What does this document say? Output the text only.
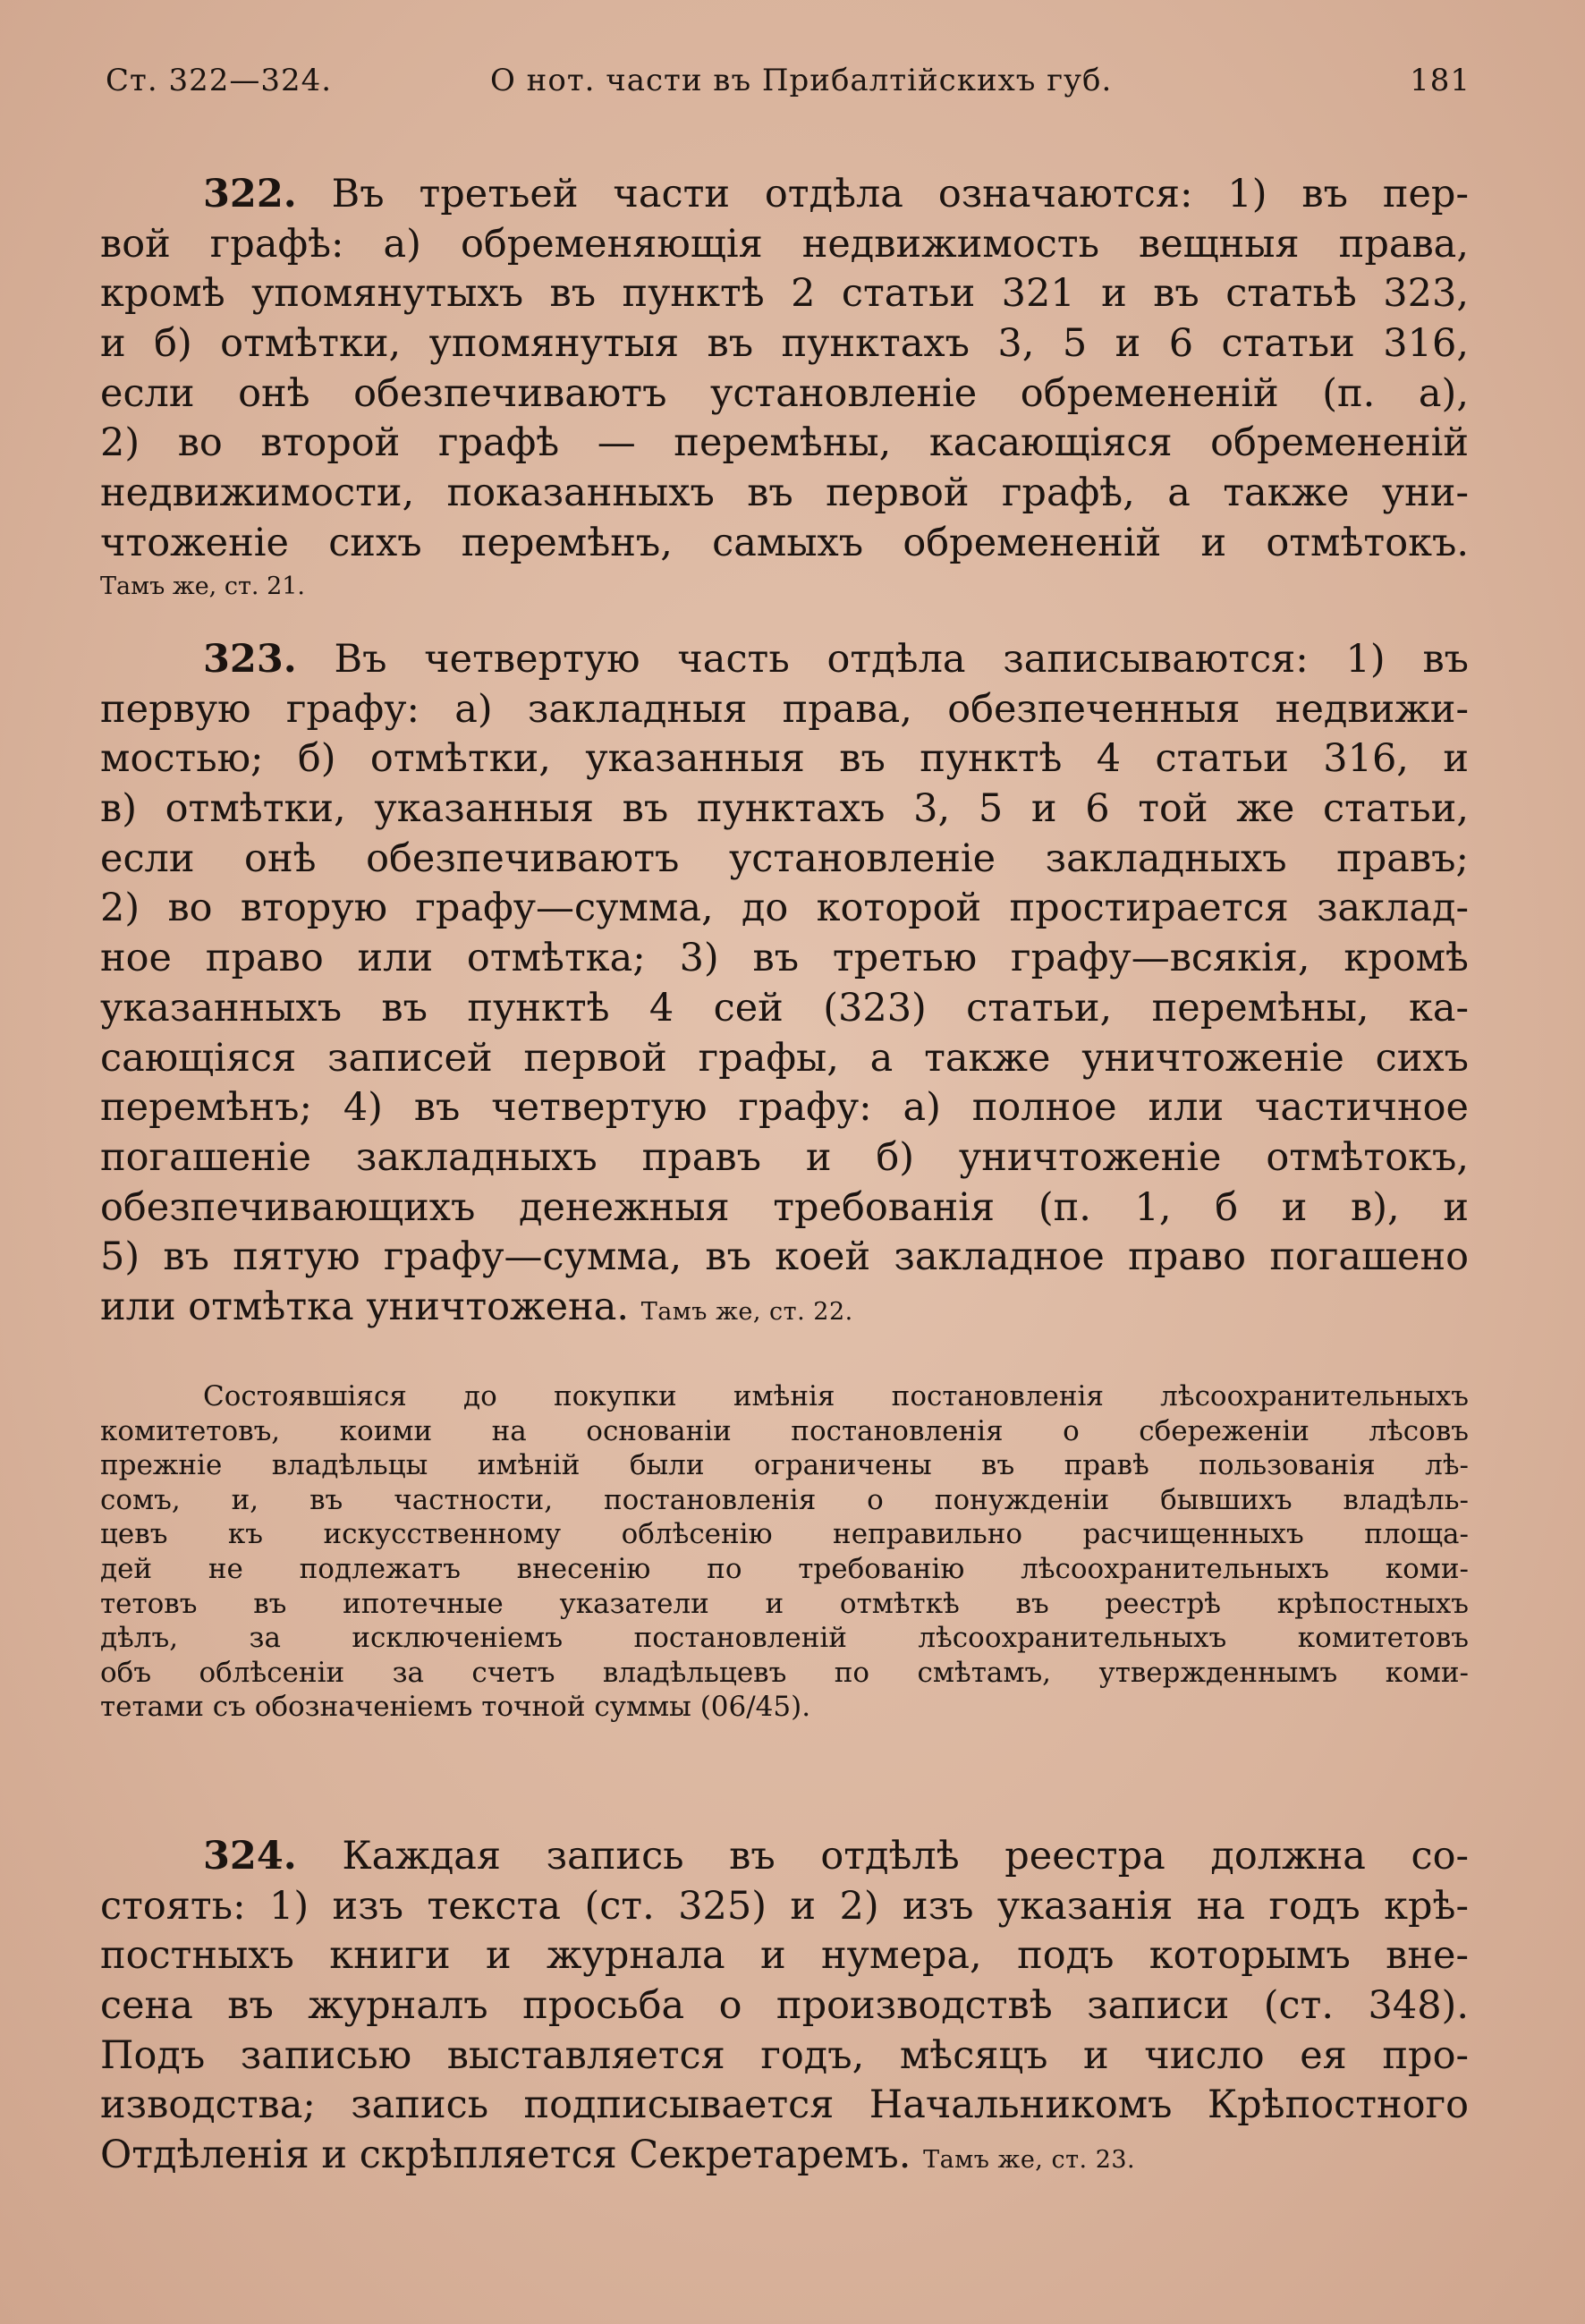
Ст. 322—324.	О нот. части въ Прибалтійскихъ губ.	181
322. Въ третьей части отдѣла означаются: 1) въ пер-
вой графѣ: а) обременяющія недвижимость вещныя права,
кромѣ упомянутыхъ въ пунктѣ 2 статьи 321 и въ статьѣ 323,
и б) отмѣтки, упомянутыя въ пунктахъ 3, 5 и 6 статьи 316,
если онѣ обезпечиваютъ установленіе обремененій (п. а),
2) во второй графѣ — перемѣны, касающіяся обремененій
недвижимости, показанныхъ въ первой графѣ, а также уни-
чтоженіе сихъ перемѣнъ, самыхъ обремененій и отмѣтокъ.
Тамъ же, ст. 21.
323. Въ четвертую часть отдѣла записываются: 1) въ
первую графу: а) закладныя права, обезпеченныя недвижи-
мостью; б) отмѣтки, указанныя въ пунктѣ 4 статьи 316, и
в) отмѣтки, указанныя въ пунктахъ 3, 5 и 6 той же статьи,
если онѣ обезпечиваютъ установленіе закладныхъ правъ;
2) во вторую графу—сумма, до которой простирается заклад-
ное право или отмѣтка; 3) въ третью графу—всякія, кромѣ
указанныхъ въ пунктѣ 4 сей (323) статьи, перемѣны, ка-
сающіяся записей первой графы, а также уничтоженіе сихъ
перемѣнъ; 4) въ четвертую графу: а) полное или частичное
погашеніе закладныхъ правъ и б) уничтоженіе отмѣтокъ,
обезпечивающихъ денежныя требованія (п. 1, б и в), и
5) въ пятую графу—сумма, въ коей закладное право погашено
или отмѣтка уничтожена. Тамъ же, ст. 22.
Состоявшіяся до покупки имѣнія постановленія лѣсоохранительныхъ
комитетовъ, коими на основаніи постановленія о сбереженіи лѣсовъ
прежніе владѣльцы имѣній были ограничены въ правѣ пользованія лѣ-
сомъ, и, въ частности, постановленія о понужденіи бывшихъ владѣль-
цевъ къ искусственному облѣсенію неправильно расчищенныхъ площа-
дей не подлежатъ внесенію по требованію лѣсоохранительныхъ коми-
тетовъ въ ипотечные указатели и отмѣткѣ въ реестрѣ крѣпостныхъ
дѣлъ, за исключеніемъ постановленій лѣсоохранительныхъ комитетовъ
объ облѣсеніи за счетъ владѣльцевъ по смѣтамъ, утвержденнымъ коми-
тетами съ обозначеніемъ точной суммы (06/45).
324. Каждая запись въ отдѣлѣ реестра должна со-
стоять: 1) изъ текста (ст. 325) и 2) изъ указанія на годъ крѣ-
постныхъ книги и журнала и нумера, подъ которымъ вне-
сена въ журналъ просьба о производствѣ записи (ст. 348).
Подъ записью выставляется годъ, мѣсяцъ и число ея про-
изводства; запись подписывается Начальникомъ Крѣпостного
Отдѣленія и скрѣпляется Секретаремъ. Тамъ же, ст. 23.
